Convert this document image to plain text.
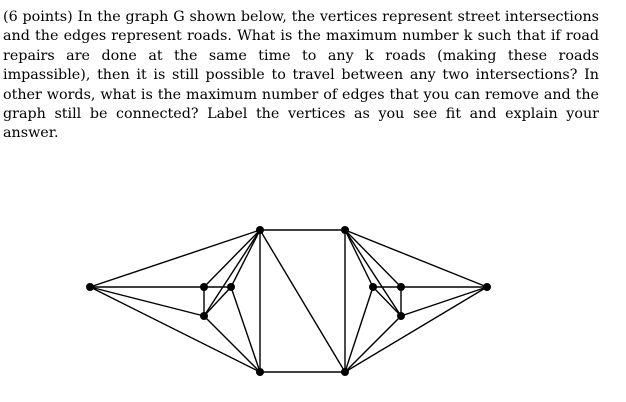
(6 points) In the graph G shown below, the vertices represent street intersections and the edges represent roads. What is the maximum number k such that if road repairs are done at the same time to any k roads (making these roads impassible), then it is still possible to travel between any two intersections? In other words, what is the maximum number of edges that you can remove and the graph still be connected? Label the vertices as you see fit and explain your answer.
